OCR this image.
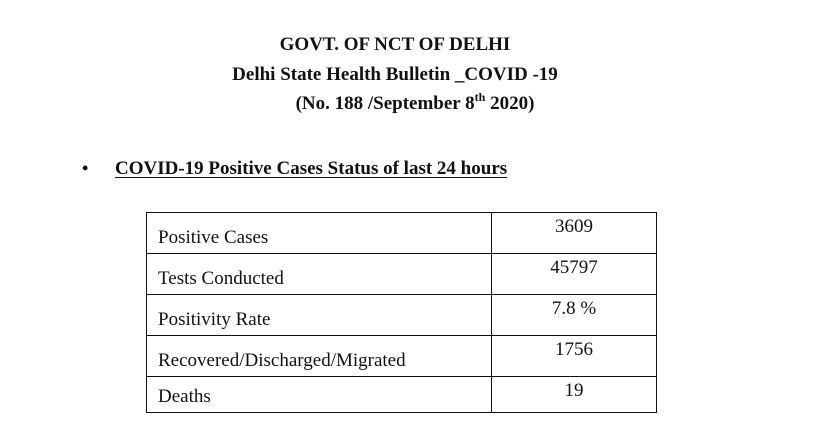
GOVT. OF NCT OF DELHI
Delhi State Health Bulletin _COVID -19
(No. 188 /September 8th 2020)
• COVID-19 Positive Cases Status of last 24 hours
Positive Cases	3609
Tests Conducted	45797
Positivity Rate	7.8 %
Recovered/Discharged/Migrated	1756
Deaths	19
